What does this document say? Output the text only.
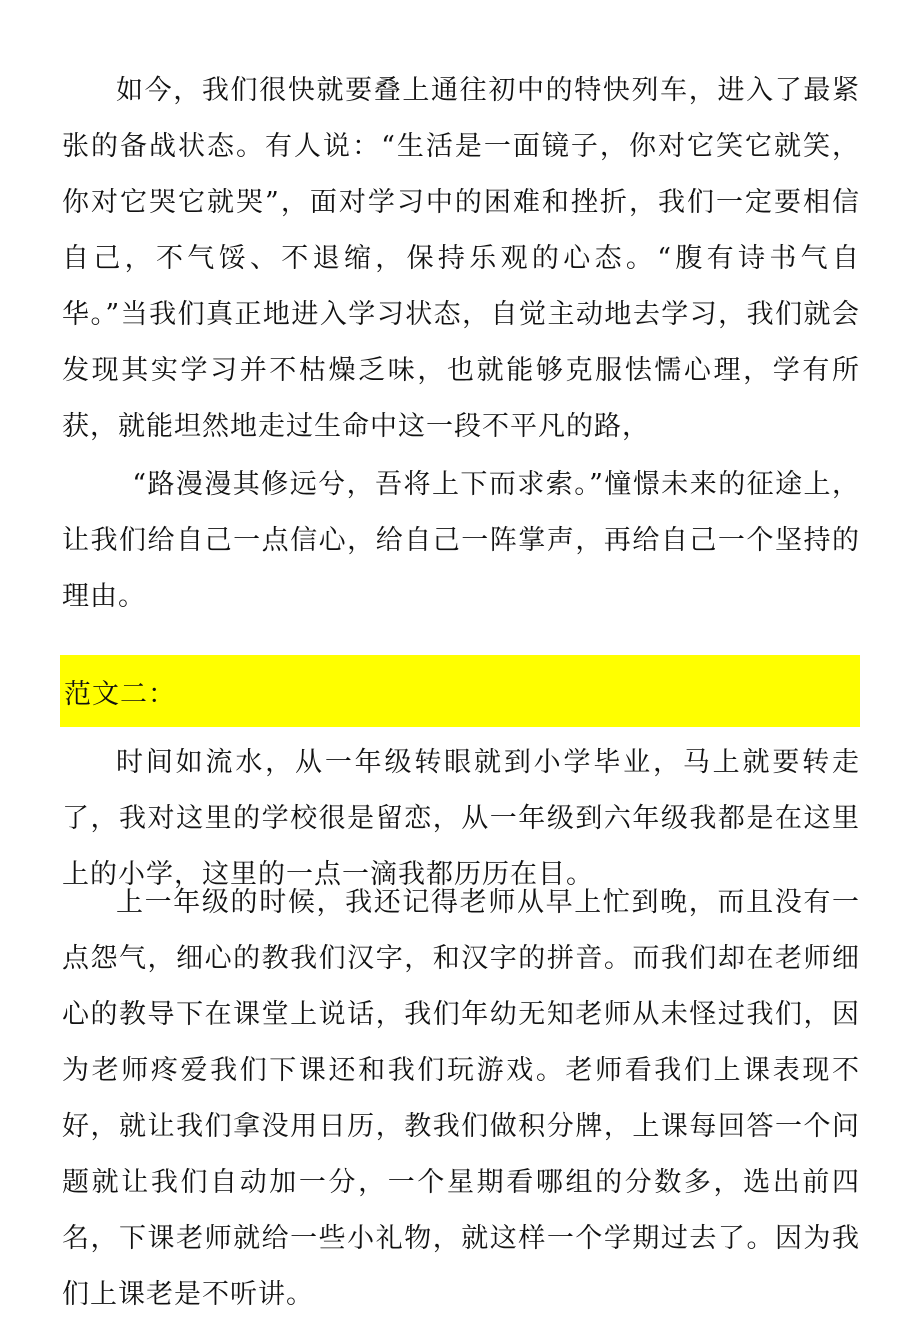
如今，我们很快就要叠上通往初中的特快列车，进入了最紧张的备战状态。有人说：“生活是一面镜子，你对它笑它就笑，你对它哭它就哭”，面对学习中的困难和挫折，我们一定要相信自己，不气馁、不退缩，保持乐观的心态。“腹有诗书气自华。”当我们真正地进入学习状态，自觉主动地去学习，我们就会发现其实学习并不枯燥乏味，也就能够克服怯懦心理，学有所获，就能坦然地走过生命中这一段不平凡的路，

“路漫漫其修远兮，吾将上下而求索。”憧憬未来的征途上，让我们给自己一点信心，给自己一阵掌声，再给自己一个坚持的理由。

范文二：

时间如流水，从一年级转眼就到小学毕业，马上就要转走了，我对这里的学校很是留恋，从一年级到六年级我都是在这里上的小学，这里的一点一滴我都历历在目。

上一年级的时候，我还记得老师从早上忙到晚，而且没有一点怨气，细心的教我们汉字，和汉字的拼音。而我们却在老师细心的教导下在课堂上说话，我们年幼无知老师从未怪过我们，因为老师疼爱我们下课还和我们玩游戏。老师看我们上课表现不好，就让我们拿没用日历，教我们做积分牌，上课每回答一个问题就让我们自动加一分，一个星期看哪组的分数多，选出前四名，下课老师就给一些小礼物，就这样一个学期过去了。因为我们上课老是不听讲。
